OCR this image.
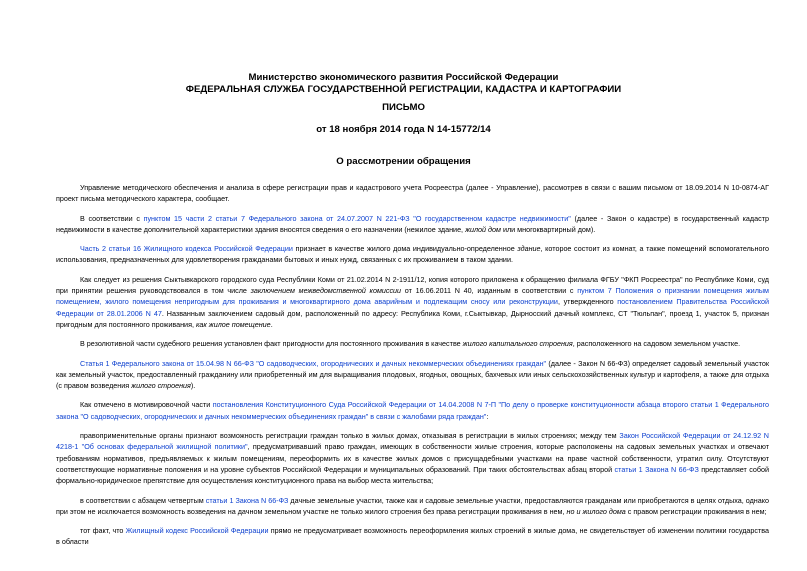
Министерство экономического развития Российской Федерации
ФЕДЕРАЛЬНАЯ СЛУЖБА ГОСУДАРСТВЕННОЙ РЕГИСТРАЦИИ, КАДАСТРА И КАРТОГРАФИИ
ПИСЬМО
от 18 ноября 2014 года N 14-15772/14
О рассмотрении обращения

Управление методического обеспечения и анализа в сфере регистрации прав и кадастрового учета Росреестра (далее - Управление), рассмотрев в связи с вашим письмом от 18.09.2014 N 10-0874-АГ проект письма методического характера, сообщает.

В соответствии с пунктом 15 части 2 статьи 7 Федерального закона от 24.07.2007 N 221-ФЗ "О государственном кадастре недвижимости" (далее - Закон о кадастре) в государственный кадастр недвижимости в качестве дополнительной характеристики здания вносятся сведения о его назначении (нежилое здание, жилой дом или многоквартирный дом).

Часть 2 статьи 16 Жилищного кодекса Российской Федерации признает в качестве жилого дома индивидуально-определенное здание, которое состоит из комнат, а также помещений вспомогательного использования, предназначенных для удовлетворения гражданами бытовых и иных нужд, связанных с их проживанием в таком здании.

Как следует из решения Сыктывкарского городского суда Республики Коми от 21.02.2014 N 2-1911/12, копия которого приложена к обращению филиала ФГБУ "ФКП Росреестра" по Республике Коми, суд при принятии решения руководствовался в том числе заключением межведомственной комиссии от 16.06.2011 N 40, изданным в соответствии с пунктом 7 Положения о признании помещения жилым помещением, жилого помещения непригодным для проживания и многоквартирного дома аварийным и подлежащим сносу или реконструкции, утвержденного постановлением Правительства Российской Федерации от 28.01.2006 N 47. Названным заключением садовый дом, расположенный по адресу: Республика Коми, г.Сыктывкар, Дырносский дачный комплекс, СТ "Тюльпан", проезд 1, участок 5, признан пригодным для постоянного проживания, как жилое помещение.

В резолютивной части судебного решения установлен факт пригодности для постоянного проживания в качестве жилого капитального строения, расположенного на садовом земельном участке.

Статья 1 Федерального закона от 15.04.98 N 66-ФЗ "О садоводческих, огороднических и дачных некоммерческих объединениях граждан" (далее - Закон N 66-ФЗ) определяет садовый земельный участок как земельный участок, предоставленный гражданину или приобретенный им для выращивания плодовых, ягодных, овощных, бахчевых или иных сельскохозяйственных культур и картофеля, а также для отдыха (с правом возведения жилого строения).

Как отмечено в мотивировочной части постановления Конституционного Суда Российской Федерации от 14.04.2008 N 7-П "По делу о проверке конституционности абзаца второго статьи 1 Федерального закона "О садоводческих, огороднических и дачных некоммерческих объединениях граждан" в связи с жалобами ряда граждан":

правоприменительные органы признают возможность регистрации граждан только в жилых домах, отказывая в регистрации в жилых строениях; между тем Закон Российской Федерации от 24.12.92 N 4218-1 "Об основах федеральной жилищной политики", предусматривавший право граждан, имеющих в собственности жилые строения, которые расположены на садовых земельных участках и отвечают требованиям нормативов, предъявляемых к жилым помещениям, переоформить их в качестве жилых домов с присущадебными участками на праве частной собственности, утратил силу. Отсутствуют соответствующие нормативные положения и на уровне субъектов Российской Федерации и муниципальных образований. При таких обстоятельствах абзац второй статьи 1 Закона N 66-ФЗ представляет собой формально-юридическое препятствие для осуществления конституционного права на выбор места жительства;

в соответствии с абзацем четвертым статьи 1 Закона N 66-ФЗ дачные земельные участки, также как и садовые земельные участки, предоставляются гражданам или приобретаются в целях отдыха, однако при этом не исключается возможность возведения на дачном земельном участке не только жилого строения без права регистрации проживания в нем, но и жилого дома с правом регистрации проживания в нем;

тот факт, что Жилищный кодекс Российской Федерации прямо не предусматривает возможность переоформления жилых строений в жилые дома, не свидетельствует об изменении политики государства в области
